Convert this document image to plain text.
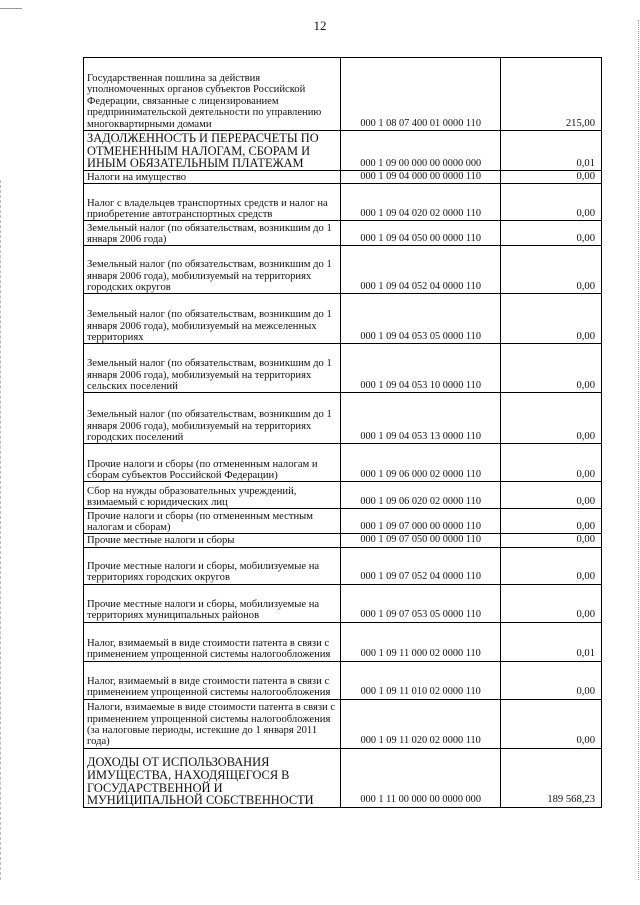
12
Государственная пошлина за действия уполномоченных органов субъектов Российской Федерации, связанные с лицензированием предпринимательской деятельности по управлению многоквартирными домами	000 1 08 07 400 01 0000 110	215,00
ЗАДОЛЖЕННОСТЬ И ПЕРЕРАСЧЕТЫ ПО ОТМЕНЕННЫМ НАЛОГАМ, СБОРАМ И ИНЫМ ОБЯЗАТЕЛЬНЫМ ПЛАТЕЖАМ	000 1 09 00 000 00 0000 000	0,01
Налоги на имущество	000 1 09 04 000 00 0000 110	0,00
Налог с владельцев транспортных средств и налог на приобретение автотранспортных средств	000 1 09 04 020 02 0000 110	0,00
Земельный налог (по обязательствам, возникшим до 1 января 2006 года)	000 1 09 04 050 00 0000 110	0,00
Земельный налог (по обязательствам, возникшим до 1 января 2006 года), мобилизуемый на территориях городских округов	000 1 09 04 052 04 0000 110	0,00
Земельный налог (по обязательствам, возникшим до 1 января 2006 года), мобилизуемый на межселенных территориях	000 1 09 04 053 05 0000 110	0,00
Земельный налог (по обязательствам, возникшим до 1 января 2006 года), мобилизуемый на территориях сельских поселений	000 1 09 04 053 10 0000 110	0,00
Земельный налог (по обязательствам, возникшим до 1 января 2006 года), мобилизуемый на территориях городских поселений	000 1 09 04 053 13 0000 110	0,00
Прочие налоги и сборы (по отмененным налогам и сборам субъектов Российской Федерации)	000 1 09 06 000 02 0000 110	0,00
Сбор на нужды образовательных учреждений, взимаемый с юридических лиц	000 1 09 06 020 02 0000 110	0,00
Прочие налоги и сборы (по отмененным местным налогам и сборам)	000 1 09 07 000 00 0000 110	0,00
Прочие местные налоги и сборы	000 1 09 07 050 00 0000 110	0,00
Прочие местные налоги и сборы, мобилизуемые на территориях городских округов	000 1 09 07 052 04 0000 110	0,00
Прочие местные налоги и сборы, мобилизуемые на территориях муниципальных районов	000 1 09 07 053 05 0000 110	0,00
Налог, взимаемый в виде стоимости патента в связи с применением упрощенной системы налогообложения	000 1 09 11 000 02 0000 110	0,01
Налог, взимаемый в виде стоимости патента в связи с применением упрощенной системы налогообложения	000 1 09 11 010 02 0000 110	0,00
Налоги, взимаемые в виде стоимости патента в связи с применением упрощенной системы налогообложения (за налоговые периоды, истекшие до 1 января 2011 года)	000 1 09 11 020 02 0000 110	0,00
ДОХОДЫ ОТ ИСПОЛЬЗОВАНИЯ ИМУЩЕСТВА, НАХОДЯЩЕГОСЯ В ГОСУДАРСТВЕННОЙ И МУНИЦИПАЛЬНОЙ СОБСТВЕННОСТИ	000 1 11 00 000 00 0000 000	189 568,23
